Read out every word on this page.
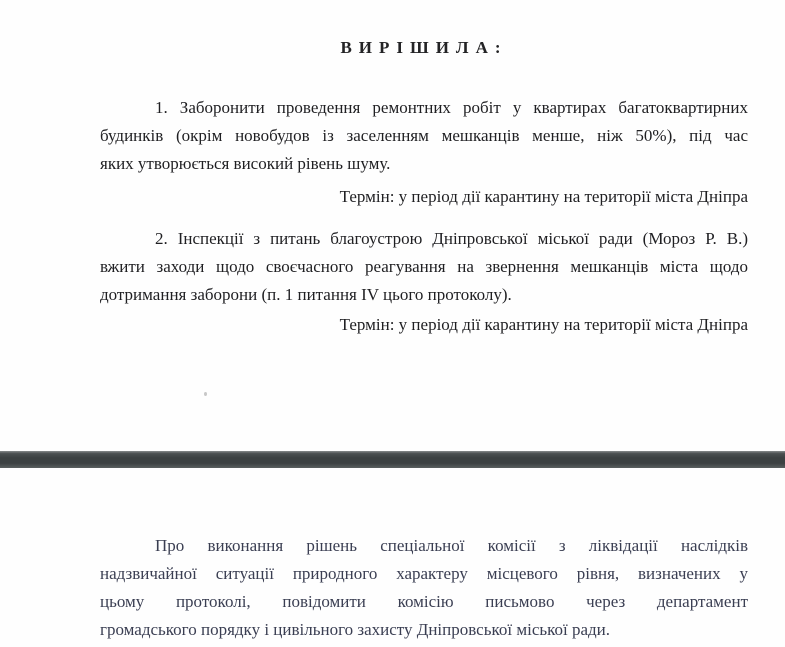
ВИРІШИЛА:
1. Заборонити проведення ремонтних робіт у квартирах багатоквартирних
будинків (окрім новобудов із заселенням мешканців менше, ніж 50%), під час
яких утворюється високий рівень шуму.
Термін: у період дії карантину на території міста Дніпра
2. Інспекції з питань благоустрою Дніпровської міської ради (Мороз Р. В.)
вжити заходи щодо своєчасного реагування на звернення мешканців міста щодо
дотримання заборони (п. 1 питання IV цього протоколу).
Термін: у період дії карантину на території міста Дніпра
Про виконання рішень спеціальної комісії з ліквідації наслідків
надзвичайної ситуації природного характеру місцевого рівня, визначених у
цьому протоколі, повідомити комісію письмово через департамент
громадського порядку і цивільного захисту Дніпровської міської ради.
